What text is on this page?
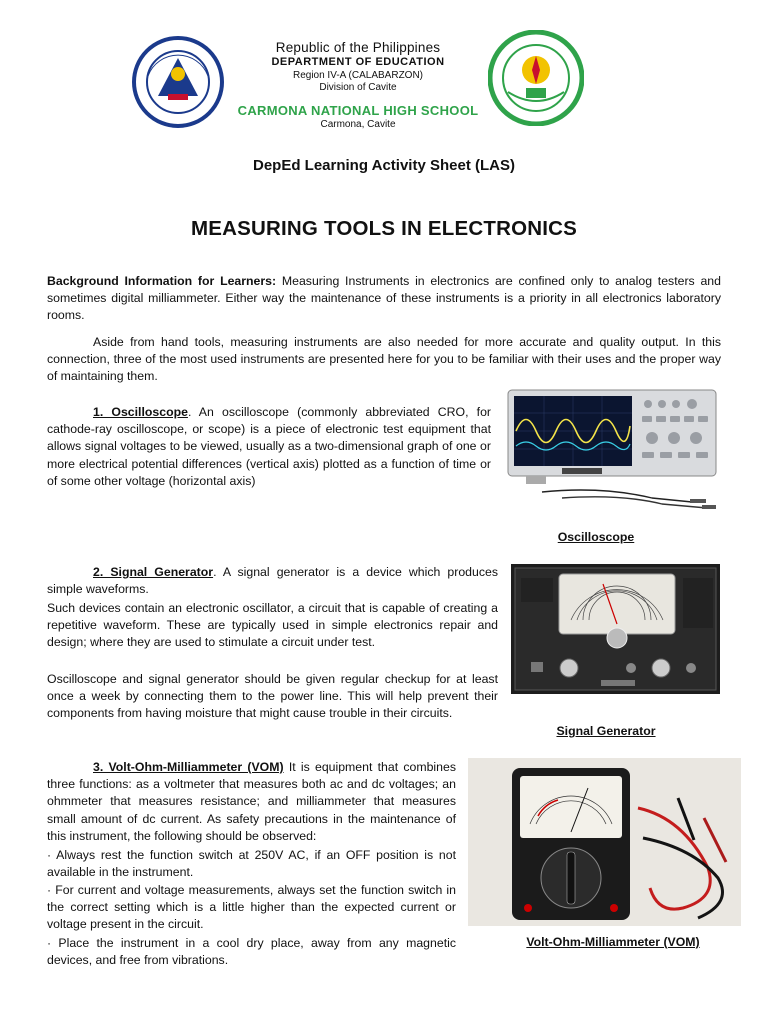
Republic of the Philippines
DEPARTMENT OF EDUCATION
Region IV-A (CALABARZON)
Division of Cavite
CARMONA NATIONAL HIGH SCHOOL
Carmona, Cavite
DepEd Learning Activity Sheet (LAS)
MEASURING TOOLS IN ELECTRONICS
Background Information for Learners: Measuring Instruments in electronics are confined only to analog testers and sometimes digital milliammeter. Either way the maintenance of these instruments is a priority in all electronics laboratory rooms.
Aside from hand tools, measuring instruments are also needed for more accurate and quality output. In this connection, three of the most used instruments are presented here for you to be familiar with their uses and the proper way of maintaining them.
1. Oscilloscope. An oscilloscope (commonly abbreviated CRO, for cathode-ray oscilloscope, or scope) is a piece of electronic test equipment that allows signal voltages to be viewed, usually as a two-dimensional graph of one or more electrical potential differences (vertical axis) plotted as a function of time or of some other voltage (horizontal axis)
Oscilloscope
2. Signal Generator. A signal generator is a device which produces simple waveforms.
Such devices contain an electronic oscillator, a circuit that is capable of creating a repetitive waveform. These are typically used in simple electronics repair and design; where they are used to stimulate a circuit under test.
Oscilloscope and signal generator should be given regular checkup for at least once a week by connecting them to the power line. This will help prevent their components from having moisture that might cause trouble in their circuits.
Signal Generator
3. Volt-Ohm-Milliammeter (VOM) It is equipment that combines three functions: as a voltmeter that measures both ac and dc voltages; an ohmmeter that measures resistance; and milliammeter that measures small amount of dc current. As safety precautions in the maintenance of this instrument, the following should be observed:
· Always rest the function switch at 250V AC, if an OFF position is not available in the instrument.
· For current and voltage measurements, always set the function switch in the correct setting which is a little higher than the expected current or voltage present in the circuit.
· Place the instrument in a cool dry place, away from any magnetic devices, and free from vibrations.
Volt-Ohm-Milliammeter (VOM)
